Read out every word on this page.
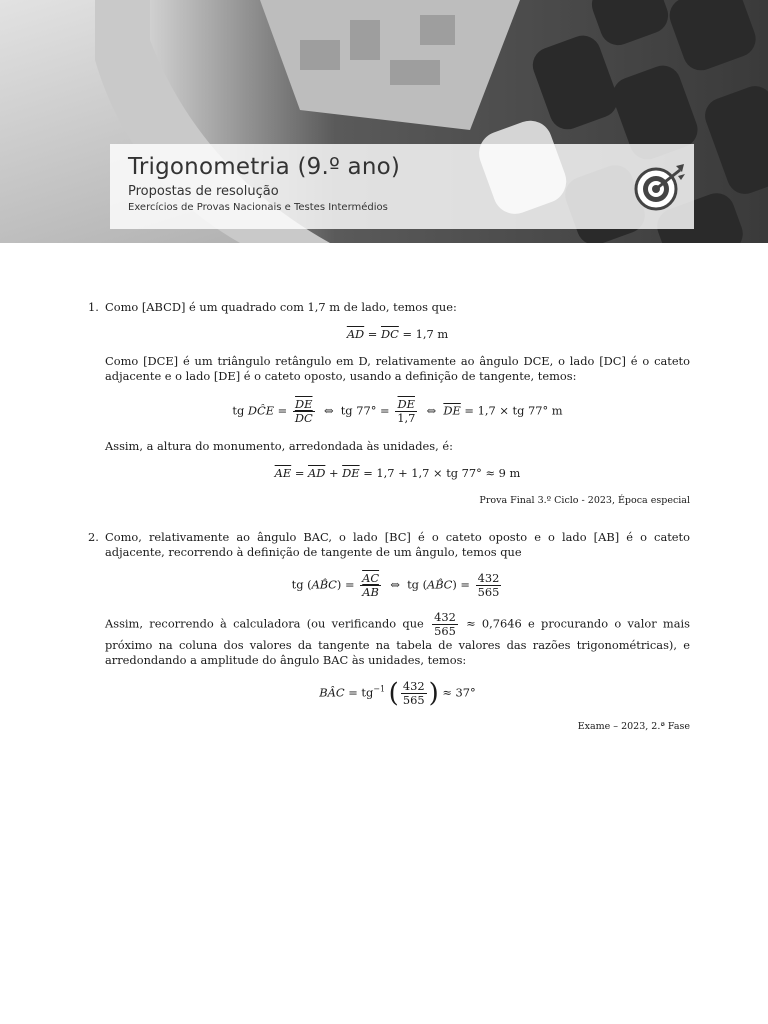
Trigonometria (9.º ano)
Propostas de resolução
Exercícios de Provas Nacionais e Testes Intermédios
1. Como [ABCD] é um quadrado com 1,7 m de lado, temos que:

$\overline{AD} = \overline{DC} = 1,7$ m

Como [DCE] é um triângulo retângulo em D, relativamente ao ângulo DCE, o lado [DC] é o cateto adjacente e o lado [DE] é o cateto oposto, usando a definição de tangente, temos:

tg DĈE = $\frac{\overline{DE}}{DC}$ ⇔  tg $77^\circ = \frac{\overline{DE}}{1,7}$ ⇔  $\overline{DE} = 1,7$ × tg 77° m

Assim, a altura do monumento, arredondada às unidades, é:

$\overline{AE} = \overline{AD} + \overline{DE} = 1,7 + 1,7$ × tg 77° ≈ 9 m
Prova Final 3.º Ciclo - 2023, Época especial
2. Como, relativamente ao ângulo BAC, o lado [BC] é o cateto oposto e o lado [AB] é o cateto adjacente, recorrendo à definição de tangente de um ângulo, temos que

tg (AB̂C) = $\frac{\overline{AC}}{AB}$ ⇔  tg (AB̂C) = $\frac{432}{565}$

Assim, recorrendo à calculadora (ou verificando que $\frac{432}{565} \approx 0,7646$ e procurando o valor mais próximo na coluna dos valores da tangente na tabela de valores das razões trigonométricas), e arredondando a amplitude do ângulo BAC às unidades, temos:

BÂC = $tg^{-1}$ ( $\frac{432}{565}$ ) ≈ 37°
Exame – 2023, 2.ª Fase
